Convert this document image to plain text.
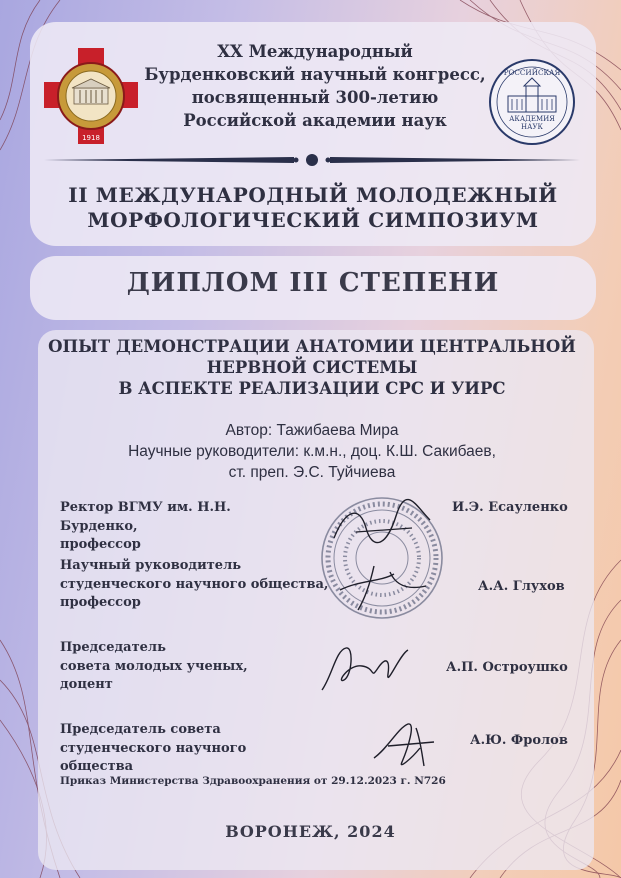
1918
РОССИЙСКАЯ
АКАДЕМИЯ
НАУК
XX Международный
Бурденковский научный конгресс,
посвященный 300-летию
Российской академии наук
II МЕЖДУНАРОДНЫЙ МОЛОДЕЖНЫЙ
МОРФОЛОГИЧЕСКИЙ СИМПОЗИУМ
ДИПЛОМ III СТЕПЕНИ
ОПЫТ ДЕМОНСТРАЦИИ АНАТОМИИ ЦЕНТРАЛЬНОЙ
НЕРВНОЙ СИСТЕМЫ
В АСПЕКТЕ РЕАЛИЗАЦИИ СРС И УИРС
Автор: Тажибаева Мира
Научные руководители: к.м.н., доц. К.Ш. Сакибаев,
ст. преп. Э.С. Туйчиева
Ректор ВГМУ им. Н.Н.
Бурденко,
профессор
И.Э. Есауленко
Научный руководитель
студенческого научного общества,
профессор
А.А. Глухов
Председатель
совета молодых ученых,
доцент
А.П. Остроушко
Председатель совета
студенческого научного
общества
А.Ю. Фролов
Приказ Министерства Здравоохранения от 29.12.2023 г. N726
ВОРОНЕЖ, 2024
